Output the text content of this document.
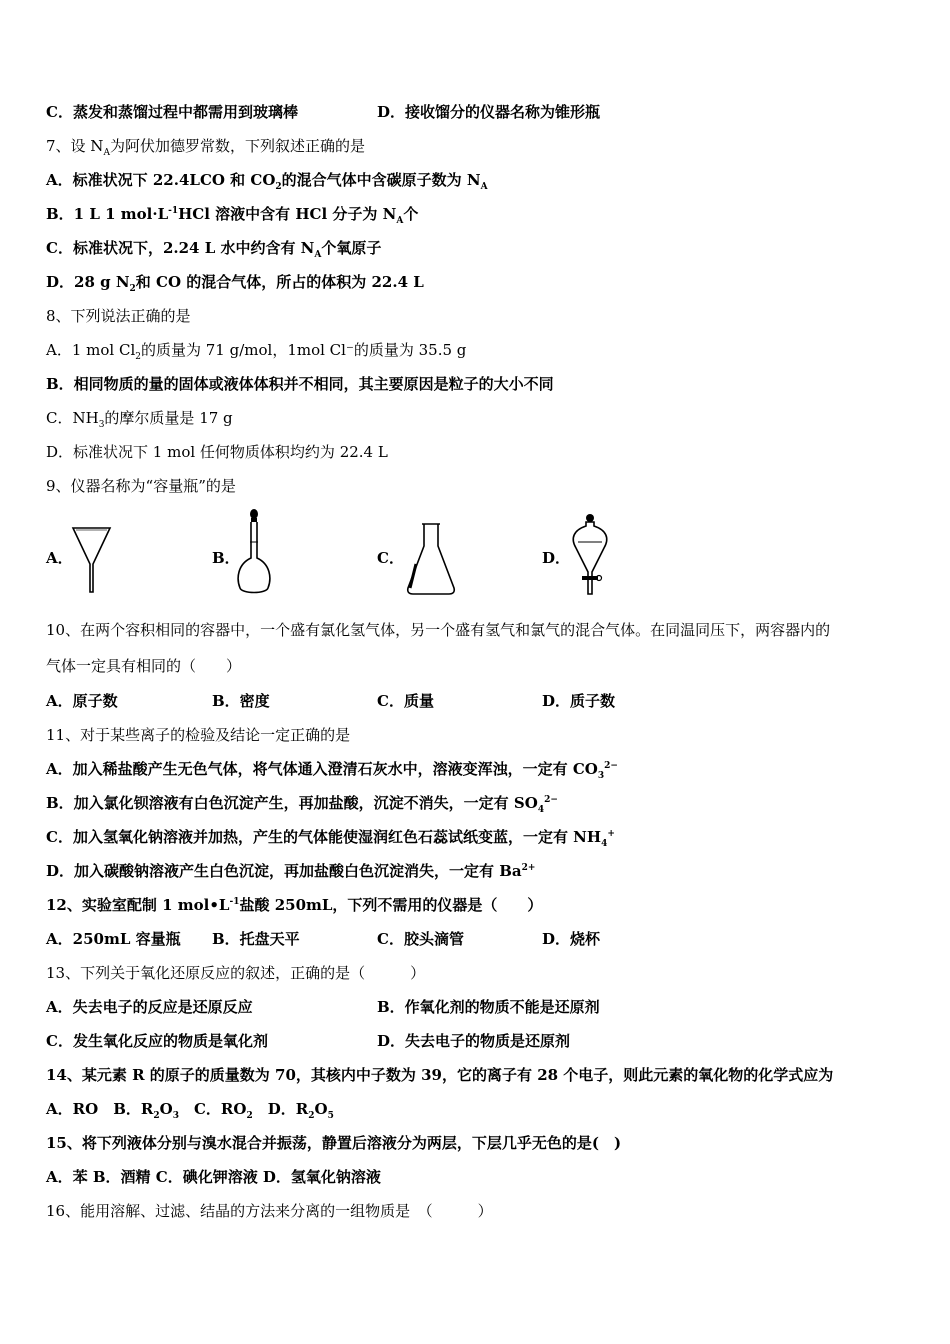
C．蒸发和蒸馏过程中都需用到玻璃棒	D．接收馏分的仪器名称为锥形瓶
7、设 $N_A$为阿伏加德罗常数，下列叙述正确的是
A．标准状况下 22.4LCO 和 $CO_2$的混合气体中含碳原子数为 $N_A$
B．1 L 1 $mol\cdot L^{-1}HCl$ 溶液中含有 HCl 分子为 $N_A$个
C．标准状况下，2.24 L 水中约含有 $N_A$个氧原子
D．28 g $N_2$和 CO 的混合气体，所占的体积为 22.4 L
8、下列说法正确的是
A．1 mol $Cl_2$的质量为 71 g/mol，1mol Cl⁻的质量为 35.5 g
B．相同物质的量的固体或液体体积并不相同，其主要原因是粒子的大小不同
C．$NH_3$的摩尔质量是 17 g
D．标准状况下 1 mol 任何物质体积均约为 22.4 L
9、仪器名称为“容量瓶”的是
A．	B．	C．	D．
10、在两个容积相同的容器中，一个盛有氯化氢气体，另一个盛有氢气和氯气的混合气体。在同温同压下，两容器内的
气体一定具有相同的（　　）
A．原子数	B．密度	C．质量	D．质子数
11、对于某些离子的检验及结论一定正确的是
A．加入稀盐酸产生无色气体，将气体通入澄清石灰水中，溶液变浑浊，一定有 $CO_3^{2-}$
B．加入氯化钡溶液有白色沉淀产生，再加盐酸，沉淀不消失，一定有 $SO_4^{2-}$
C．加入氢氧化钠溶液并加热，产生的气体能使湿润红色石蕊试纸变蓝，一定有 $NH_4^+$
D．加入碳酸钠溶液产生白色沉淀，再加盐酸白色沉淀消失，一定有 $Ba^{2+}$
12、实验室配制 1 $mol•L^{-1}$盐酸 250mL，下列不需用的仪器是（　　）
A．250mL 容量瓶 B．托盘天平	C．胶头滴管	D．烧杯
13、下列关于氧化还原反应的叙述，正确的是（　　　）
A．失去电子的反应是还原反应	B．作氧化剂的物质不能是还原剂
C．发生氧化反应的物质是氧化剂	D．失去电子的物质是还原剂
14、某元素 R 的原子的质量数为 70，其核内中子数为 39，它的离子有 28 个电子，则此元素的氧化物的化学式应为
A．RO　 B．$R_2O_3$　 C．$RO_2$　 D．$R_2O_5$
15、将下列液体分别与溴水混合并振荡，静置后溶液分为两层，下层几乎无色的是(　)
A．苯 B．酒精 C．碘化钾溶液 D．氢氧化钠溶液
16、能用溶解、过滤、结晶的方法来分离的一组物质是　（　　　）
